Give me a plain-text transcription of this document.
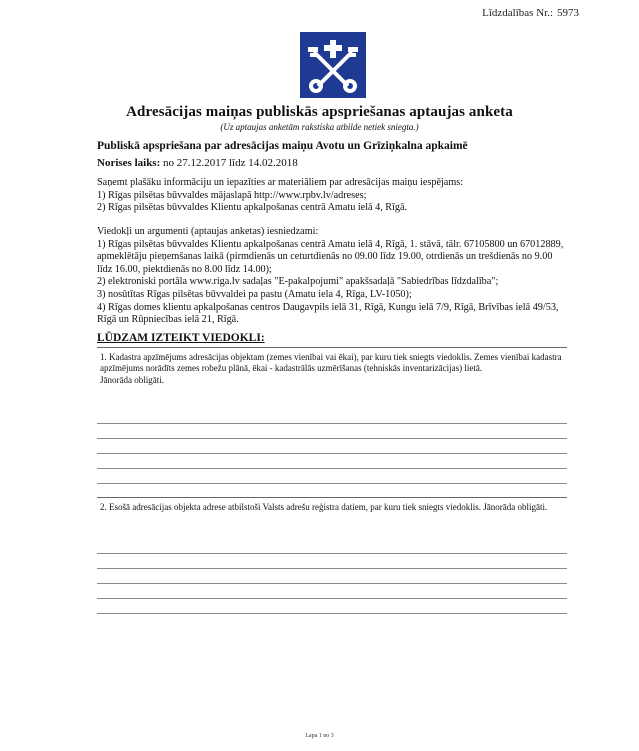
Līdzdalības Nr.: 5973
Adresācijas maiņas publiskās apspriešanas aptaujas anketa
(Uz aptaujas anketām rakstiska atbilde netiek sniegta.)
Publiskā apspriešana par adresācijas maiņu Avotu un Grīziņkalna apkaimē
Norises laiks: no 27.12.2017 līdz 14.02.2018
Saņemt plašāku informāciju un iepazīties ar materiāliem par adresācijas maiņu iespējams:
1) Rīgas pilsētas būvvaldes mājaslapā http://www.rpbv.lv/adreses;
2) Rīgas pilsētas būvvaldes Klientu apkalpošanas centrā Amatu ielā 4, Rīgā.
Viedokļi un argumenti (aptaujas anketas) iesniedzami:
1) Rīgas pilsētas būvvaldes Klientu apkalpošanas centrā Amatu ielā 4, Rīgā, 1. stāvā, tālr. 67105800 un 67012889, apmeklētāju pieņemšanas laikā (pirmdienās un ceturtdienās no 09.00 līdz 19.00, otrdienās un trešdienās no 9.00 līdz 16.00, piektdienās no 8.00 līdz 14.00);
2) elektroniski portāla www.riga.lv sadaļas "E-pakalpojumi" apakšsadaļā "Sabiedrības līdzdalība";
3) nosūtītas Rīgas pilsētas būvvaldei pa pastu (Amatu iela 4, Rīga, LV-1050);
4) Rīgas domes klientu apkalpošanas centros Daugavpils ielā 31, Rīgā, Kungu ielā 7/9, Rīgā, Brīvības ielā 49/53, Rīgā un Rūpniecības ielā 21, Rīgā.
LŪDZAM IZTEIKT VIEDOKLI:
1. Kadastra apzīmējums adresācijas objektam (zemes vienībai vai ēkai), par kuru tiek sniegts viedoklis. Zemes vienībai kadastra apzīmējums norādīts zemes robežu plānā, ēkai - kadastrālās uzmērīšanas (tehniskās inventarizācijas) lietā.
Jānorāda obligāti.
2. Esošā adresācijas objekta adrese atbilstoši Valsts adrešu reģistra datiem, par kuru tiek sniegts viedoklis. Jānorāda obligāti.
Lapa 1 no 3
